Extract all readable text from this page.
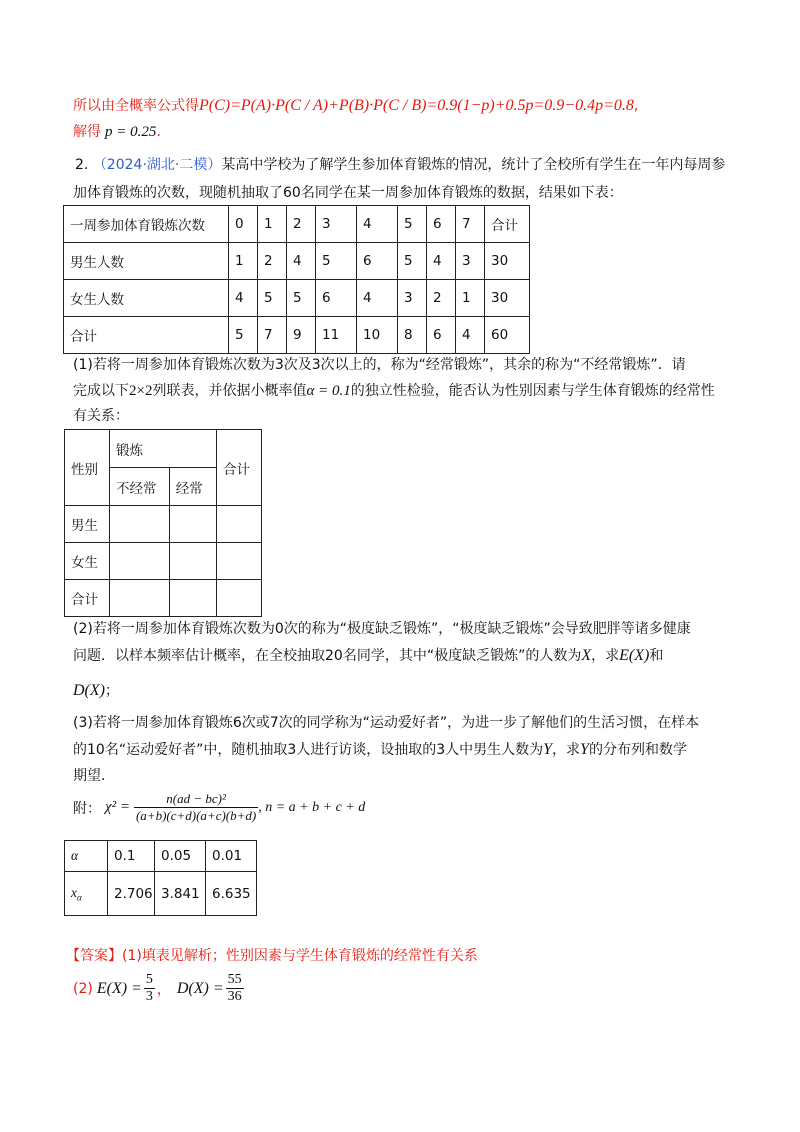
所以由全概率公式得P(C)=P(A)·P(C / A)+P(B)·P(C / B)=0.9(1−p)+0.5p=0.9−0.4p=0.8,
解得 p = 0.25.
2. （2024·湖北·二模）某高中学校为了解学生参加体育锻炼的情况，统计了全校所有学生在一年内每周参
加体育锻炼的次数，现随机抽取了60名同学在某一周参加体育锻炼的数据，结果如下表：
一周参加体育锻炼次数	0	1	2	3	4	5	6	7	合计
男生人数	1	2	4	5	6	5	4	3	30
女生人数	4	5	5	6	4	3	2	1	30
合计	5	7	9	11	10	8	6	4	60
(1)若将一周参加体育锻炼次数为3次及3次以上的，称为“经常锻炼”，其余的称为“不经常锻炼”．请
完成以下2×2列联表，并依据小概率值α = 0.1的独立性检验，能否认为性别因素与学生体育锻炼的经常性
有关系：
性别	锻炼		合计
	不经常	经常	
男生			
女生			
合计			
(2)若将一周参加体育锻炼次数为0次的称为“极度缺乏锻炼”，“极度缺乏锻炼”会导致肥胖等诸多健康
问题．以样本频率估计概率，在全校抽取20名同学，其中“极度缺乏锻炼”的人数为X，求E(X)和
D(X)；
(3)若将一周参加体育锻炼6次或7次的同学称为“运动爱好者”，为进一步了解他们的生活习惯，在样本
的10名“运动爱好者”中，随机抽取3人进行访谈，设抽取的3人中男生人数为Y，求Y的分布列和数学
期望.
附： $\chi^2 = \frac{\text{n(ad − bc)²}}{(a+b)(c+d)(a+c)(b+d)}$ , n = a + b + c + d
α	0.1	0.05	0.01
$x_\alpha$	2.706	3.841	6.635
【答案】(1)填表见解析；性别因素与学生体育锻炼的经常性有关系
(2) $E(X) = \frac{5}{3}$ ， $D(X) = \frac{55}{36}$
